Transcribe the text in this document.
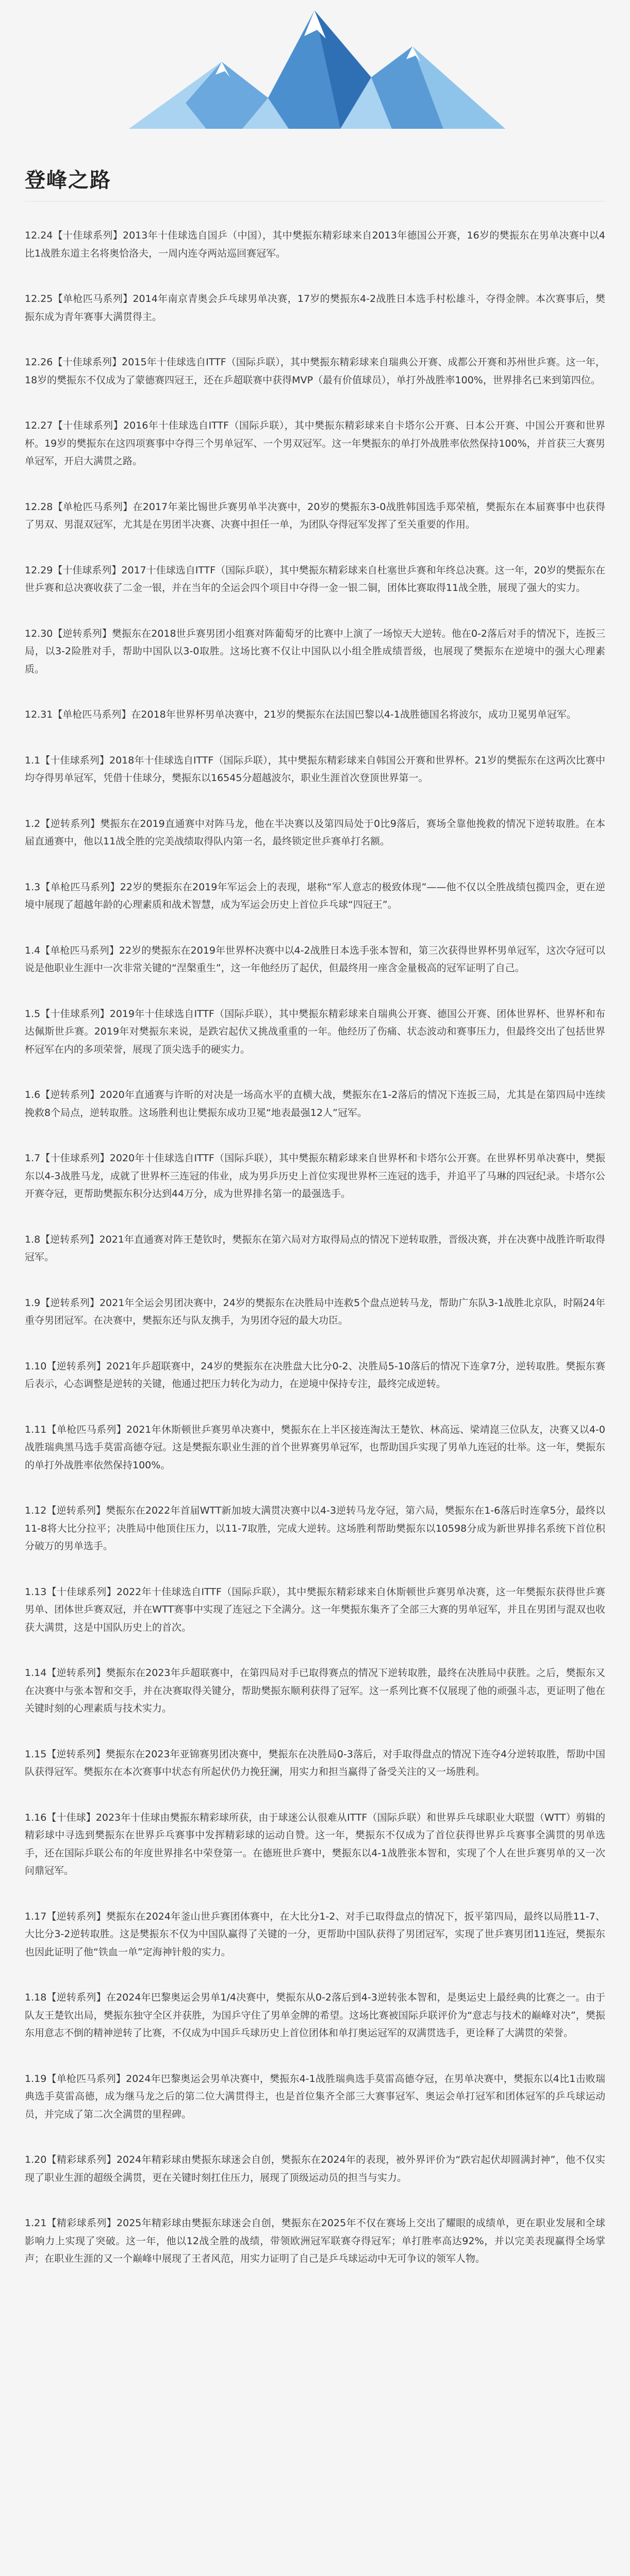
登峰之路

12.24【十佳球系列】2013年十佳球选自国乒（中国），其中樊振东精彩球来自2013年德国公开赛，16岁的樊振东在男单决赛中以4比1战胜东道主名将奥恰洛夫，一周内连夺两站巡回赛冠军。

12.25【单枪匹马系列】2014年南京青奥会乒乓球男单决赛，17岁的樊振东4-2战胜日本选手村松雄斗，夺得金牌。本次赛事后，樊振东成为青年赛事大满贯得主。

12.26【十佳球系列】2015年十佳球选自ITTF（国际乒联），其中樊振东精彩球来自瑞典公开赛、成都公开赛和苏州世乒赛。这一年，18岁的樊振东不仅成为了蒙德赛四冠王，还在乒超联赛中获得MVP（最有价值球员），单打外战胜率100%，世界排名已来到第四位。

12.27【十佳球系列】2016年十佳球选自ITTF（国际乒联），其中樊振东精彩球来自卡塔尔公开赛、日本公开赛、中国公开赛和世界杯。19岁的樊振东在这四项赛事中夺得三个男单冠军、一个男双冠军。这一年樊振东的单打外战胜率依然保持100%，并首获三大赛男单冠军，开启大满贯之路。

12.28【单枪匹马系列】在2017年莱比锡世乒赛男单半决赛中，20岁的樊振东3-0战胜韩国选手郑荣植，樊振东在本届赛事中也获得了男双、男混双冠军，尤其是在男团半决赛、决赛中担任一单，为团队夺得冠军发挥了至关重要的作用。

12.29【十佳球系列】2017十佳球选自ITTF（国际乒联），其中樊振东精彩球来自杜塞世乒赛和年终总决赛。这一年，20岁的樊振东在世乒赛和总决赛收获了二金一银，并在当年的全运会四个项目中夺得一金一银二铜，团体比赛取得11战全胜，展现了强大的实力。

12.30【逆转系列】樊振东在2018世乒赛男团小组赛对阵葡萄牙的比赛中上演了一场惊天大逆转。他在0-2落后对手的情况下，连扳三局，以3-2险胜对手，帮助中国队以3-0取胜。这场比赛不仅让中国队以小组全胜成绩晋级，也展现了樊振东在逆境中的强大心理素质。

12.31【单枪匹马系列】在2018年世界杯男单决赛中，21岁的樊振东在法国巴黎以4-1战胜德国名将波尔，成功卫冕男单冠军。

1.1【十佳球系列】2018年十佳球选自ITTF（国际乒联），其中樊振东精彩球来自韩国公开赛和世界杯。21岁的樊振东在这两次比赛中均夺得男单冠军，凭借十佳球分，樊振东以16545分超越波尔，职业生涯首次登顶世界第一。

1.2【逆转系列】樊振东在2019直通赛中对阵马龙，他在半决赛以及第四局处于0比9落后，赛场全靠他挽救的情况下逆转取胜。在本届直通赛中，他以11战全胜的完美战绩取得队内第一名，最终锁定世乒赛单打名额。

1.3【单枪匹马系列】22岁的樊振东在2019年军运会上的表现，堪称“军人意志的极致体现”——他不仅以全胜战绩包揽四金，更在逆境中展现了超越年龄的心理素质和战术智慧，成为军运会历史上首位乒乓球“四冠王”。

1.4【单枪匹马系列】22岁的樊振东在2019年世界杯决赛中以4-2战胜日本选手张本智和，第三次获得世界杯男单冠军，这次夺冠可以说是他职业生涯中一次非常关键的“涅槃重生”，这一年他经历了起伏，但最终用一座含金量极高的冠军证明了自己。

1.5【十佳球系列】2019年十佳球选自ITTF（国际乒联），其中樊振东精彩球来自瑞典公开赛、德国公开赛、团体世界杯、世界杯和布达佩斯世乒赛。2019年对樊振东来说，是跌宕起伏又挑战重重的一年。他经历了伤痛、状态波动和赛事压力，但最终交出了包括世界杯冠军在内的多项荣誉，展现了顶尖选手的硬实力。

1.6【逆转系列】2020年直通赛与许昕的对决是一场高水平的直横大战，樊振东在1-2落后的情况下连扳三局，尤其是在第四局中连续挽救8个局点，逆转取胜。这场胜利也让樊振东成功卫冕“地表最强12人”冠军。

1.7【十佳球系列】2020年十佳球选自ITTF（国际乒联），其中樊振东精彩球来自世界杯和卡塔尔公开赛。在世界杯男单决赛中，樊振东以4-3战胜马龙，成就了世界杯三连冠的伟业，成为男乒历史上首位实现世界杯三连冠的选手，并追平了马琳的四冠纪录。卡塔尔公开赛夺冠，更帮助樊振东积分达到44万分，成为世界排名第一的最强选手。

1.8【逆转系列】2021年直通赛对阵王楚钦时，樊振东在第六局对方取得局点的情况下逆转取胜，晋级决赛，并在决赛中战胜许昕取得冠军。

1.9【逆转系列】2021年全运会男团决赛中，24岁的樊振东在决胜局中连救5个盘点逆转马龙，帮助广东队3-1战胜北京队，时隔24年重夺男团冠军。在决赛中，樊振东还与队友携手，为男团夺冠的最大功臣。

1.10【逆转系列】2021年乒超联赛中，24岁的樊振东在决胜盘大比分0-2、决胜局5-10落后的情况下连拿7分，逆转取胜。樊振东赛后表示，心态调整是逆转的关键，他通过把压力转化为动力，在逆境中保持专注，最终完成逆转。

1.11【单枪匹马系列】2021年休斯顿世乒赛男单决赛中，樊振东在上半区接连淘汰王楚钦、林高远、梁靖崑三位队友，决赛又以4-0战胜瑞典黑马选手莫雷高德夺冠。这是樊振东职业生涯的首个世界赛男单冠军，也帮助国乒实现了男单九连冠的壮举。这一年，樊振东的单打外战胜率依然保持100%。

1.12【逆转系列】樊振东在2022年首届WTT新加坡大满贯决赛中以4-3逆转马龙夺冠，第六局，樊振东在1-6落后时连拿5分，最终以11-8将大比分拉平；决胜局中他顶住压力，以11-7取胜，完成大逆转。这场胜利帮助樊振东以10598分成为新世界排名系统下首位积分破万的男单选手。

1.13【十佳球系列】2022年十佳球选自ITTF（国际乒联），其中樊振东精彩球来自休斯顿世乒赛男单决赛，这一年樊振东获得世乒赛男单、团体世乒赛双冠，并在WTT赛事中实现了连冠之下全满分。这一年樊振东集齐了全部三大赛的男单冠军，并且在男团与混双也收获大满贯，这是中国队历史上的首次。

1.14【逆转系列】樊振东在2023年乒超联赛中，在第四局对手已取得赛点的情况下逆转取胜，最终在决胜局中获胜。之后，樊振东又在决赛中与张本智和交手，并在决赛取得关键分，帮助樊振东顺利获得了冠军。这一系列比赛不仅展现了他的顽强斗志，更证明了他在关键时刻的心理素质与技术实力。

1.15【逆转系列】樊振东在2023年亚锦赛男团决赛中，樊振东在决胜局0-3落后，对手取得盘点的情况下连夺4分逆转取胜，帮助中国队获得冠军。樊振东在本次赛事中状态有所起伏仍力挽狂澜，用实力和担当赢得了备受关注的又一场胜利。

1.16【十佳球】2023年十佳球由樊振东精彩球所获，由于球迷公认很难从ITTF（国际乒联）和世界乒乓球职业大联盟（WTT）剪辑的精彩球中寻选到樊振东在世界乒乓赛事中发挥精彩球的运动自赞。这一年，樊振东不仅成为了首位获得世界乒乓赛事全满贯的男单选手，还在国际乒联公布的年度世界排名中荣登第一。在德班世乒赛中，樊振东以4-1战胜张本智和，实现了个人在世乒赛男单的又一次问鼎冠军。

1.17【逆转系列】樊振东在2024年釜山世乒赛团体赛中，在大比分1-2、对手已取得盘点的情况下，扳平第四局，最终以局胜11-7、大比分3-2逆转取胜。这是樊振东不仅为中国队赢得了关键的一分，更帮助中国队获得了男团冠军，实现了世乒赛男团11连冠，樊振东也因此证明了他“铁血一单”定海神针般的实力。

1.18【逆转系列】在2024年巴黎奥运会男单1/4决赛中，樊振东从0-2落后到4-3逆转张本智和，是奥运史上最经典的比赛之一。由于队友王楚钦出局，樊振东独守全区并获胜，为国乒守住了男单金牌的希望。这场比赛被国际乒联评价为“意志与技术的巅峰对决”，樊振东用意志不倒的精神逆转了比赛，不仅成为中国乒乓球历史上首位团体和单打奥运冠军的双满贯选手，更诠释了大满贯的荣誉。

1.19【单枪匹马系列】2024年巴黎奥运会男单决赛中，樊振东4-1战胜瑞典选手莫雷高德夺冠，在男单决赛中，樊振东以4比1击败瑞典选手莫雷高德，成为继马龙之后的第二位大满贯得主，也是首位集齐全部三大赛事冠军、奥运会单打冠军和团体冠军的乒乓球运动员，并完成了第二次全满贯的里程碑。

1.20【精彩球系列】2024年精彩球由樊振东球迷会自创，樊振东在2024年的表现，被外界评价为“跌宕起伏却圆满封神”，他不仅实现了职业生涯的超级全满贯，更在关键时刻扛住压力，展现了顶级运动员的担当与实力。

1.21【精彩球系列】2025年精彩球由樊振东球迷会自创，樊振东在2025年不仅在赛场上交出了耀眼的成绩单，更在职业发展和全球影响力上实现了突破。这一年，他以12战全胜的战绩，带领欧洲冠军联赛夺得冠军；单打胜率高达92%，并以完美表现赢得全场掌声；在职业生涯的又一个巅峰中展现了王者风范，用实力证明了自己是乒乓球运动中无可争议的领军人物。
